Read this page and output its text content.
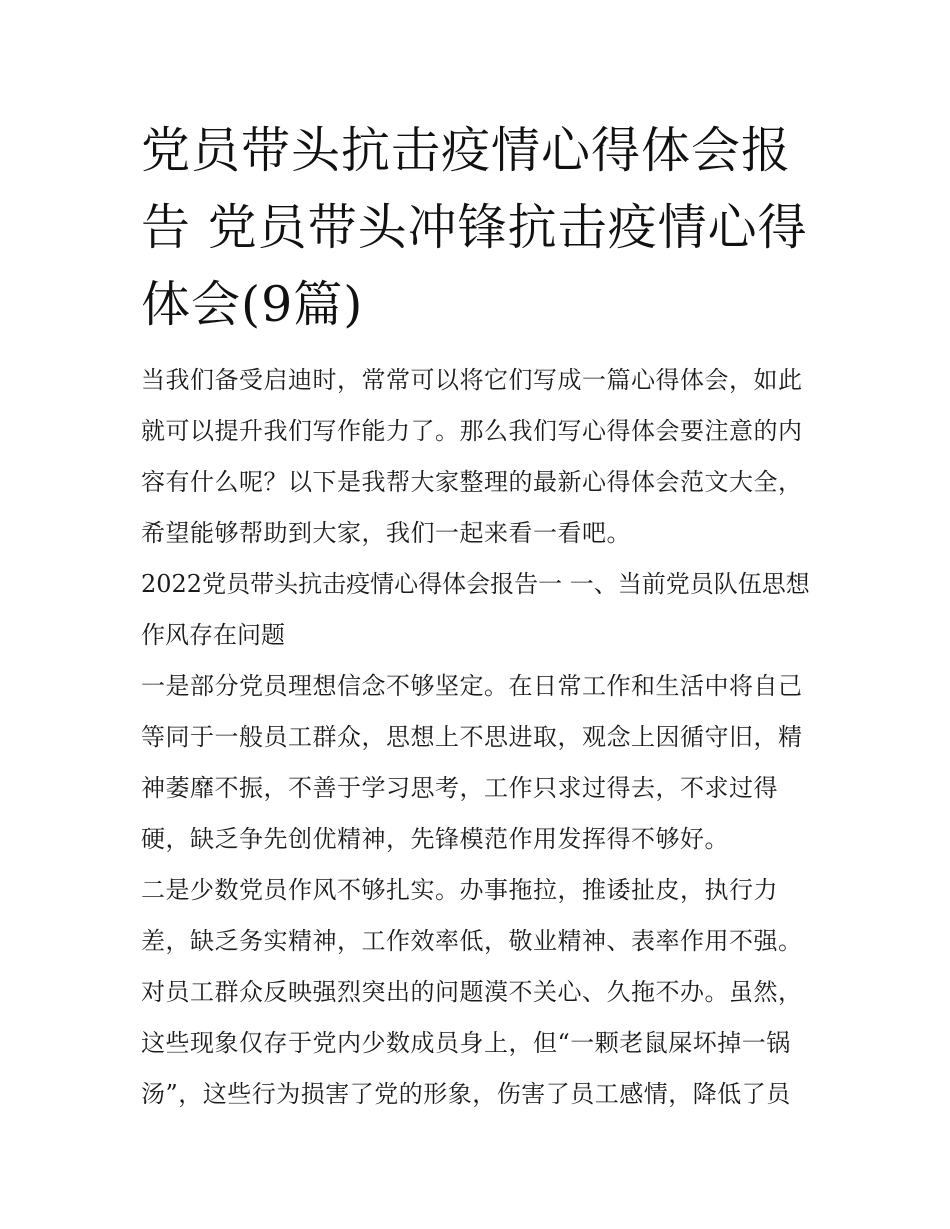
党员带头抗击疫情心得体会报告 党员带头冲锋抗击疫情心得体会(9篇)

当我们备受启迪时，常常可以将它们写成一篇心得体会，如此就可以提升我们写作能力了。那么我们写心得体会要注意的内容有什么呢？以下是我帮大家整理的最新心得体会范文大全，希望能够帮助到大家，我们一起来看一看吧。

2022党员带头抗击疫情心得体会报告一 一、当前党员队伍思想作风存在问题

一是部分党员理想信念不够坚定。在日常工作和生活中将自己等同于一般员工群众，思想上不思进取，观念上因循守旧，精神萎靡不振，不善于学习思考，工作只求过得去，不求过得硬，缺乏争先创优精神，先锋模范作用发挥得不够好。

二是少数党员作风不够扎实。办事拖拉，推诿扯皮，执行力差，缺乏务实精神，工作效率低，敬业精神、表率作用不强。对员工群众反映强烈突出的问题漠不关心、久拖不办。虽然，这些现象仅存于党内少数成员身上，但“一颗老鼠屎坏掉一锅汤”，这些行为损害了党的形象，伤害了员工感情，降低了员
